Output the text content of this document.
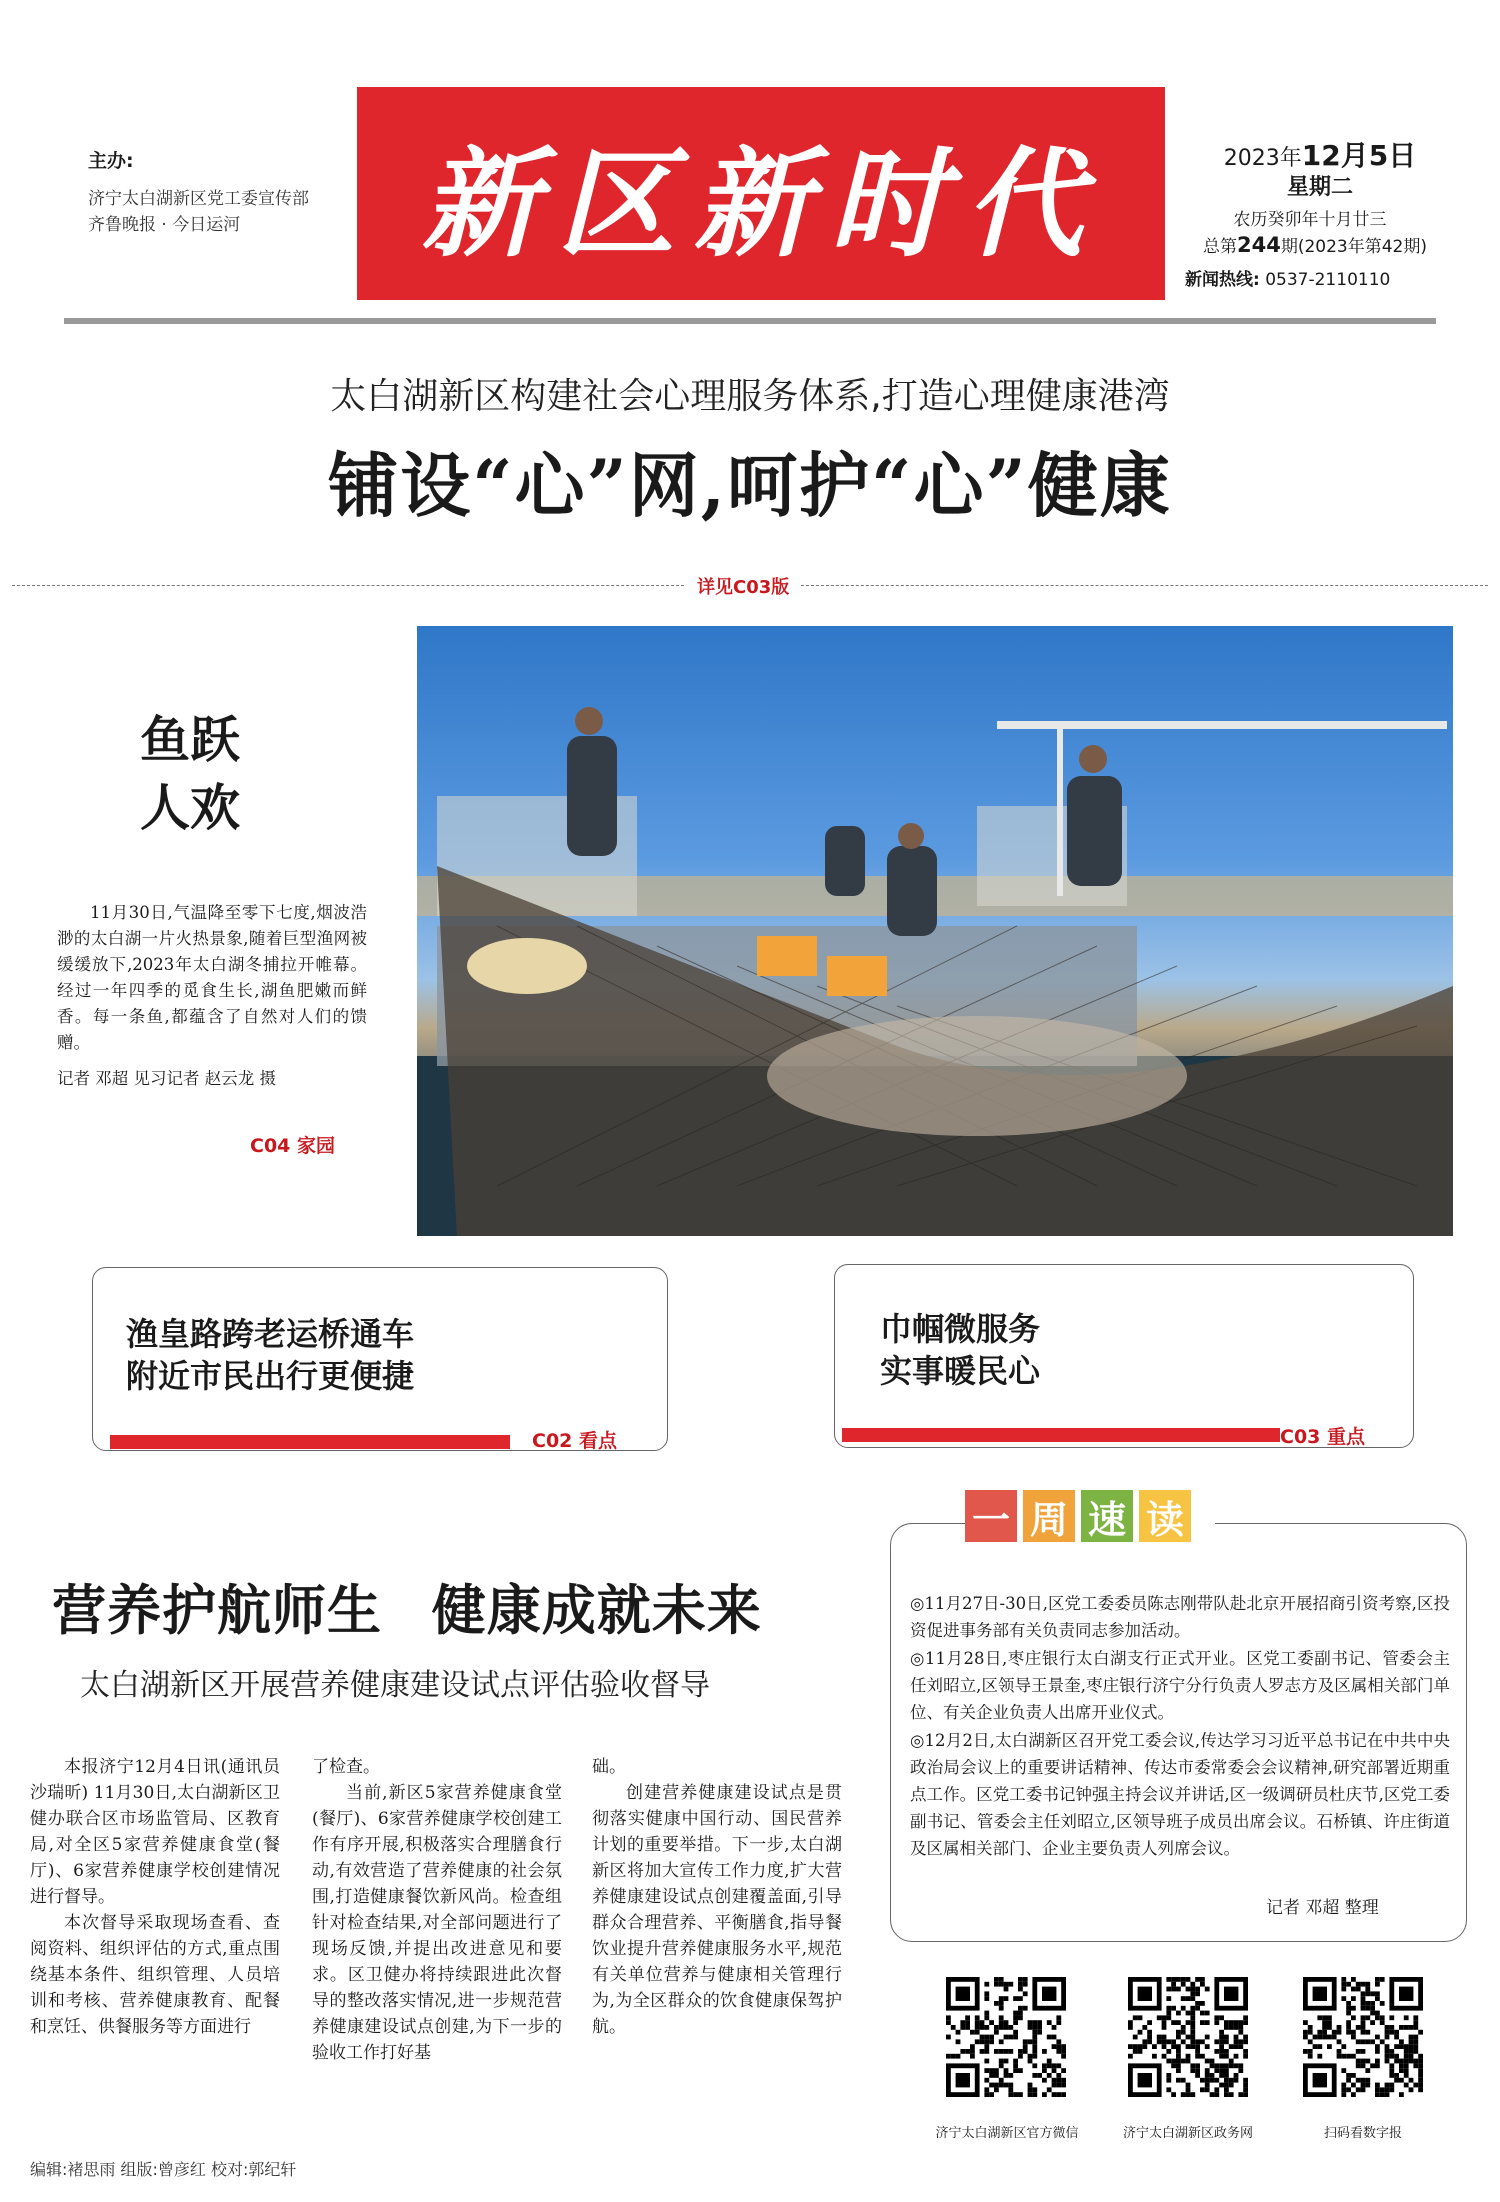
主办:
济宁太白湖新区党工委宣传部
齐鲁晚报 · 今日运河	新区新时代	2023年12月5日
星期二
农历癸卯年十月廿三
总第244期(2023年第42期)
新闻热线: 0537-2110110
太白湖新区构建社会心理服务体系,打造心理健康港湾
铺设“心”网,呵护“心”健康
详见C03版
鱼跃
人欢
11月30日,气温降至零下七度,烟波浩渺的太白湖一片火热景象,随着巨型渔网被缓缓放下,2023年太白湖冬捕拉开帷幕。经过一年四季的觅食生长,湖鱼肥嫩而鲜香。每一条鱼,都蕴含了自然对人们的馈赠。
记者 邓超 见习记者 赵云龙 摄
C04 家园
渔皇路跨老运桥通车
附近市民出行更便捷
C02 看点
巾帼微服务
实事暖民心
C03 重点
一 周 速 读
◎11月27日-30日,区党工委委员陈志刚带队赴北京开展招商引资考察,区投资促进事务部有关负责同志参加活动。
◎11月28日,枣庄银行太白湖支行正式开业。区党工委副书记、管委会主任刘昭立,区领导王景奎,枣庄银行济宁分行负责人罗志方及区属相关部门单位、有关企业负责人出席开业仪式。
◎12月2日,太白湖新区召开党工委会议,传达学习习近平总书记在中共中央政治局会议上的重要讲话精神、传达市委常委会会议精神,研究部署近期重点工作。区党工委书记钟强主持会议并讲话,区一级调研员杜庆节,区党工委副书记、管委会主任刘昭立,区领导班子成员出席会议。石桥镇、许庄街道及区属相关部门、企业主要负责人列席会议。
记者 邓超 整理
营养护航师生 健康成就未来
太白湖新区开展营养健康建设试点评估验收督导

本报济宁12月4日讯(通讯员 沙瑞昕) 11月30日,太白湖新区卫健办联合区市场监管局、区教育局,对全区5家营养健康食堂(餐厅)、6家营养健康学校创建情况进行督导。

本次督导采取现场查看、查阅资料、组织评估的方式,重点围绕基本条件、组织管理、人员培训和考核、营养健康教育、配餐和烹饪、供餐服务等方面进行

了检查。

当前,新区5家营养健康食堂(餐厅)、6家营养健康学校创建工作有序开展,积极落实合理膳食行动,有效营造了营养健康的社会氛围,打造健康餐饮新风尚。检查组针对检查结果,对全部问题进行了现场反馈,并提出改进意见和要求。区卫健办将持续跟进此次督导的整改落实情况,进一步规范营养健康建设试点创建,为下一步的验收工作打好基

础。

创建营养健康建设试点是贯彻落实健康中国行动、国民营养计划的重要举措。下一步,太白湖新区将加大宣传工作力度,扩大营养健康建设试点创建覆盖面,引导群众合理营养、平衡膳食,指导餐饮业提升营养健康服务水平,规范有关单位营养与健康相关管理行为,为全区群众的饮食健康保驾护航。

济宁太白湖新区官方微信	济宁太白湖新区政务网	扫码看数字报
编辑:褚思雨 组版:曾彦红 校对:郭纪轩
